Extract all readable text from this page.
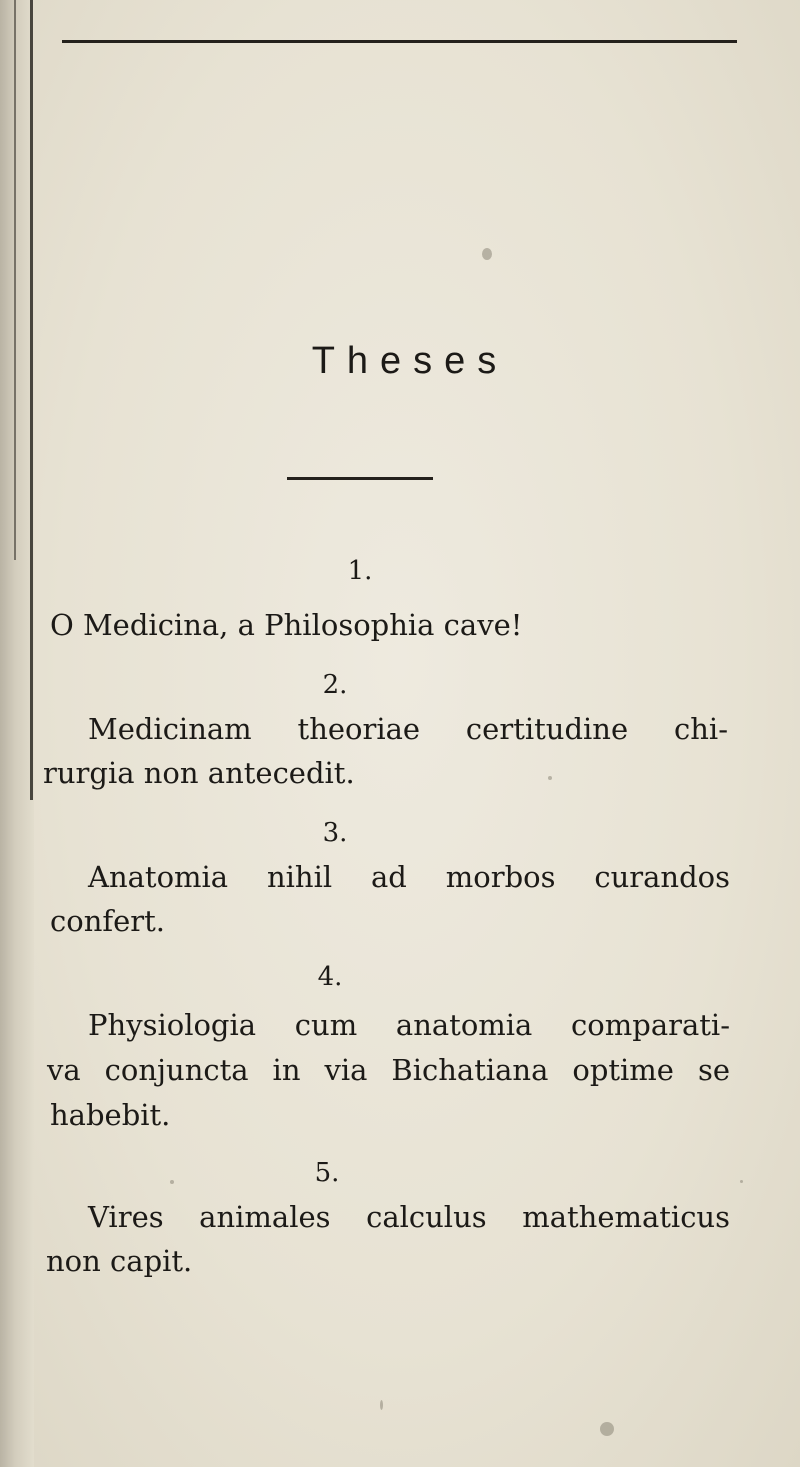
Theses
1.
O Medicina, a Philosophia cave!
2.
Medicinam theoriae certitudine chi-
rurgia non antecedit.
3.
Anatomia nihil ad morbos curandos
confert.
4.
Physiologia cum anatomia comparati-
va conjuncta in via Bichatiana optime se
habebit.
5.
Vires animales calculus mathematicus
non capit.
